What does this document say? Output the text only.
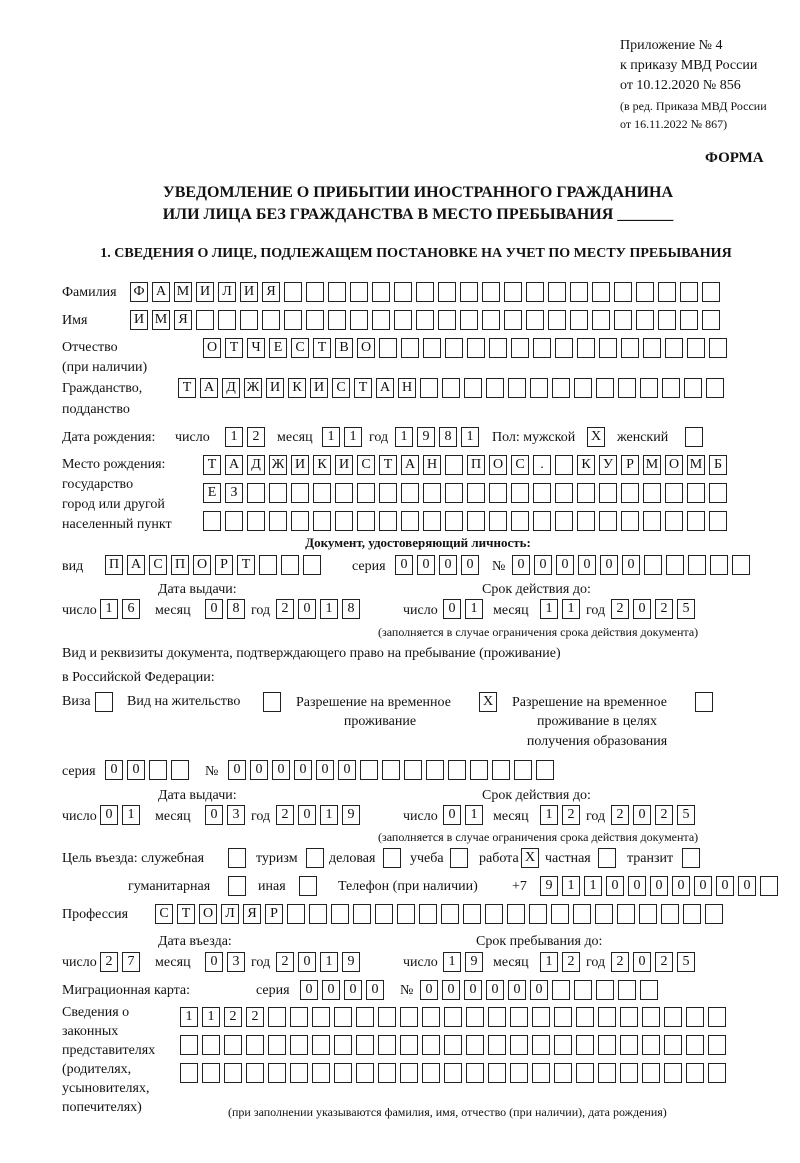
Приложение № 4
к приказу МВД России
от 10.12.2020 № 856
(в ред. Приказа МВД России
от 16.11.2022 № 867)
ФОРМА
УВЕДОМЛЕНИЕ О ПРИБЫТИИ ИНОСТРАННОГО ГРАЖДАНИНА
ИЛИ ЛИЦА БЕЗ ГРАЖДАНСТВА В МЕСТО ПРЕБЫВАНИЯ _______
1. СВЕДЕНИЯ О ЛИЦЕ, ПОДЛЕЖАЩЕМ ПОСТАНОВКЕ НА УЧЕТ ПО МЕСТУ ПРЕБЫВАНИЯ
Фамилия Ф А М И Л И Я
Имя	И М Я
Отчество
(при наличии)
О Т Ч Е С Т В О
Гражданство,
подданство
Т А Д Ж И К И С Т А Н
Дата рождения: число	1	2	месяц	1	1 год 1	9	8	1	Пол: мужской X женский
Место рождения:
государство
город или другой
населенный пункт
Т А Д Ж И К И С Т А Н П О С	.	К У Р М О М Б
Е	З
Документ, удостоверяющий личность:
вид П А С П О Р Т	серия	0	0	0	0	№ 0	0	0	0	0	0
Дата выдачи:	Срок действия до:
число 1	6	месяц	0	8 год 2	0	1	8	число 0	1	месяц	1	1 год 2	0	2	5
(заполняется в случае ограничения срока действия документа)
Вид и реквизиты документа, подтверждающего право на пребывание (проживание)
в Российской Федерации:
Виза	Вид на жительство	Разрешение на временное
проживание
X Разрешение на временное
проживание в целях
получения образования
серия	0	0	№	0	0	0	0	0	0
Дата выдачи:	Срок действия до:
число 0	1	месяц	0	3 год 2	0	1	9	число 0	1	месяц	1	2 год 2	0	2	5
(заполняется в случае ограничения срока действия документа)
Цель въезда: служебная	туризм деловая учеба	работа X частная	транзит
гуманитарная	иная	Телефон (при наличии) +7	9	1	1	0	0	0	0	0	0	0
Профессия	С Т О Л Я Р
Дата въезда:	Срок пребывания до:
число 2	7	месяц	0	3 год 2	0	1	9	число 1	9	месяц	1	2 год 2	0	2	5
Миграционная карта:	серия	0	0	0	0	№ 0	0	0	0	0	0
Сведения о
законных
представителях
(родителях,
усыновителях,
попечителях)
1	1	2	2
(при заполнении указываются фамилия, имя, отчество (при наличии), дата рождения)
